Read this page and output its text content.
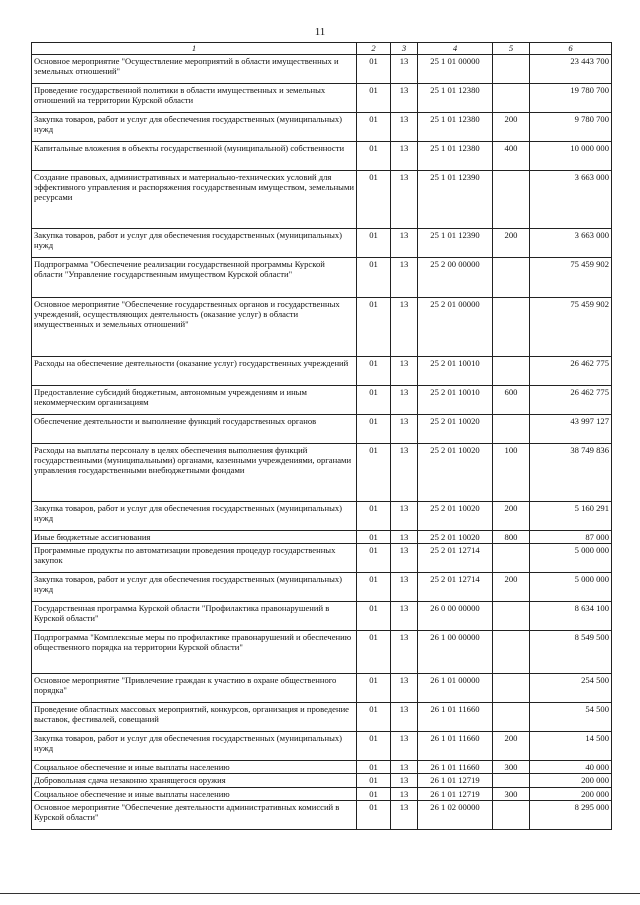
11
1	2	3	4	5	6
Основное мероприятие "Осуществление мероприятий в области имущественных и земельных отношений"	01	13	25 1 01 00000		23 443 700
Проведение государственной политики в области имущественных и земельных отношений на территории Курской области	01	13	25 1 01 12380		19 780 700
Закупка товаров, работ и услуг для обеспечения государственных (муниципальных) нужд	01	13	25 1 01 12380	200	9 780 700
Капитальные вложения в объекты государственной (муниципальной) собственности	01	13	25 1 01 12380	400	10 000 000
Создание правовых, административных и материально-технических условий для эффективного управления и распоряжения государственным имуществом, земельными ресурсами	01	13	25 1 01 12390		3 663 000
Закупка товаров, работ и услуг для обеспечения государственных (муниципальных) нужд	01	13	25 1 01 12390	200	3 663 000
Подпрограмма "Обеспечение реализации государственной программы Курской области "Управление государственным имуществом Курской области"	01	13	25 2 00 00000		75 459 902
Основное мероприятие "Обеспечение государственных органов и государственных учреждений, осуществляющих деятельность (оказание услуг) в области имущественных и земельных отношений"	01	13	25 2 01 00000		75 459 902
Расходы на обеспечение деятельности (оказание услуг) государственных учреждений	01	13	25 2 01 10010		26 462 775
Предоставление субсидий бюджетным, автономным учреждениям и иным некоммерческим организациям	01	13	25 2 01 10010	600	26 462 775
Обеспечение деятельности и выполнение функций государственных органов	01	13	25 2 01 10020		43 997 127
Расходы на выплаты персоналу в целях обеспечения выполнения функций государственными (муниципальными) органами, казенными учреждениями, органами управления государственными внебюджетными фондами	01	13	25 2 01 10020	100	38 749 836
Закупка товаров, работ и услуг для обеспечения государственных (муниципальных) нужд	01	13	25 2 01 10020	200	5 160 291
Иные бюджетные ассигнования	01	13	25 2 01 10020	800	87 000
Программные продукты по автоматизации проведения процедур государственных закупок	01	13	25 2 01 12714		5 000 000
Закупка товаров, работ и услуг для обеспечения государственных (муниципальных) нужд	01	13	25 2 01 12714	200	5 000 000
Государственная программа Курской области "Профилактика правонарушений в Курской области"	01	13	26 0 00 00000		8 634 100
Подпрограмма "Комплексные меры по профилактике правонарушений и обеспечению общественного порядка на территории Курской области"	01	13	26 1 00 00000		8 549 500
Основное мероприятие "Привлечение граждан к участию в охране общественного порядка"	01	13	26 1 01 00000		254 500
Проведение областных массовых мероприятий, конкурсов, организация и проведение выставок, фестивалей, совещаний	01	13	26 1 01 11660		54 500
Закупка товаров, работ и услуг для обеспечения государственных (муниципальных) нужд	01	13	26 1 01 11660	200	14 500
Социальное обеспечение и иные выплаты населению	01	13	26 1 01 11660	300	40 000
Добровольная сдача незаконно хранящегося оружия	01	13	26 1 01 12719		200 000
Социальное обеспечение и иные выплаты населению	01	13	26 1 01 12719	300	200 000
Основное мероприятие "Обеспечение деятельности административных комиссий в Курской области"	01	13	26 1 02 00000		8 295 000
